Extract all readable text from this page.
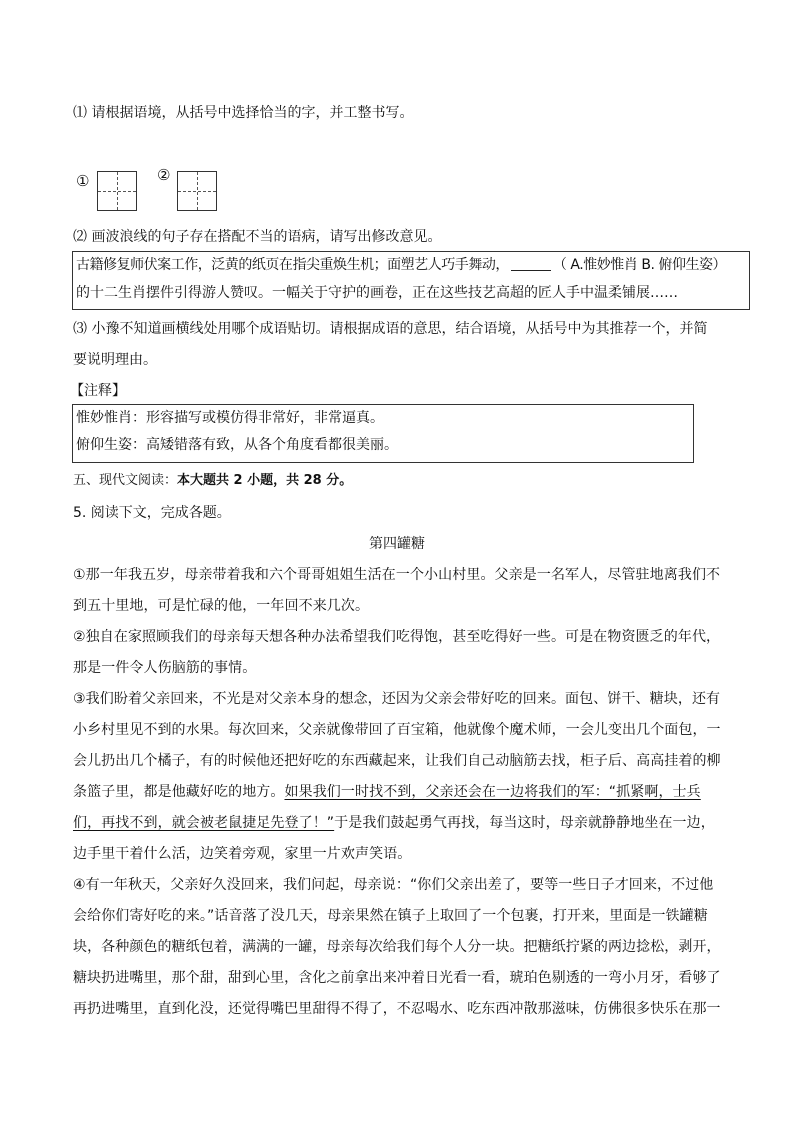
⑴ 请根据语境，从括号中选择恰当的字，并工整书写。
①	②
⑵ 画波浪线的句子存在搭配不当的语病，请写出修改意见。
古籍修复师伏案工作，泛黄的纸页在指尖重焕生机；面塑艺人巧手舞动，	（ A.惟妙惟肖 B. 俯仰生姿）
的十二生肖摆件引得游人赞叹。一幅关于守护的画卷，正在这些技艺高超的匠人手中温柔铺展……
⑶ 小豫不知道画横线处用哪个成语贴切。请根据成语的意思，结合语境，从括号中为其推荐一个，并简
要说明理由。
【注释】
惟妙惟肖：形容描写或模仿得非常好，非常逼真。
俯仰生姿：高矮错落有致，从各个角度看都很美丽。
五、现代文阅读：本大题共 2 小题，共 28 分。
5. 阅读下文，完成各题。
第四罐糖
①那一年我五岁，母亲带着我和六个哥哥姐姐生活在一个小山村里。父亲是一名军人，尽管驻地离我们不
到五十里地，可是忙碌的他，一年回不来几次。
②独自在家照顾我们的母亲每天想各种办法希望我们吃得饱，甚至吃得好一些。可是在物资匮乏的年代，
那是一件令人伤脑筋的事情。
③我们盼着父亲回来，不光是对父亲本身的想念，还因为父亲会带好吃的回来。面包、饼干、糖块，还有
小乡村里见不到的水果。每次回来，父亲就像带回了百宝箱，他就像个魔术师，一会儿变出几个面包，一
会儿扔出几个橘子，有的时候他还把好吃的东西藏起来，让我们自己动脑筋去找，柜子后、高高挂着的柳
条篮子里，都是他藏好吃的地方。如果我们一时找不到，父亲还会在一边将我们的军：“抓紧啊，士兵
们，再找不到，就会被老鼠捷足先登了！”于是我们鼓起勇气再找，每当这时，母亲就静静地坐在一边，
边手里干着什么活，边笑着旁观，家里一片欢声笑语。
④有一年秋天，父亲好久没回来，我们问起，母亲说：“你们父亲出差了，要等一些日子才回来，不过他
会给你们寄好吃的来。”话音落了没几天，母亲果然在镇子上取回了一个包裹，打开来，里面是一铁罐糖
块，各种颜色的糖纸包着，满满的一罐，母亲每次给我们每个人分一块。把糖纸拧紧的两边捻松，剥开，
糖块扔进嘴里，那个甜，甜到心里，含化之前拿出来冲着日光看一看，琥珀色剔透的一弯小月牙，看够了
再扔进嘴里，直到化没，还觉得嘴巴里甜得不得了，不忍喝水、吃东西冲散那滋味，仿佛很多快乐在那一
